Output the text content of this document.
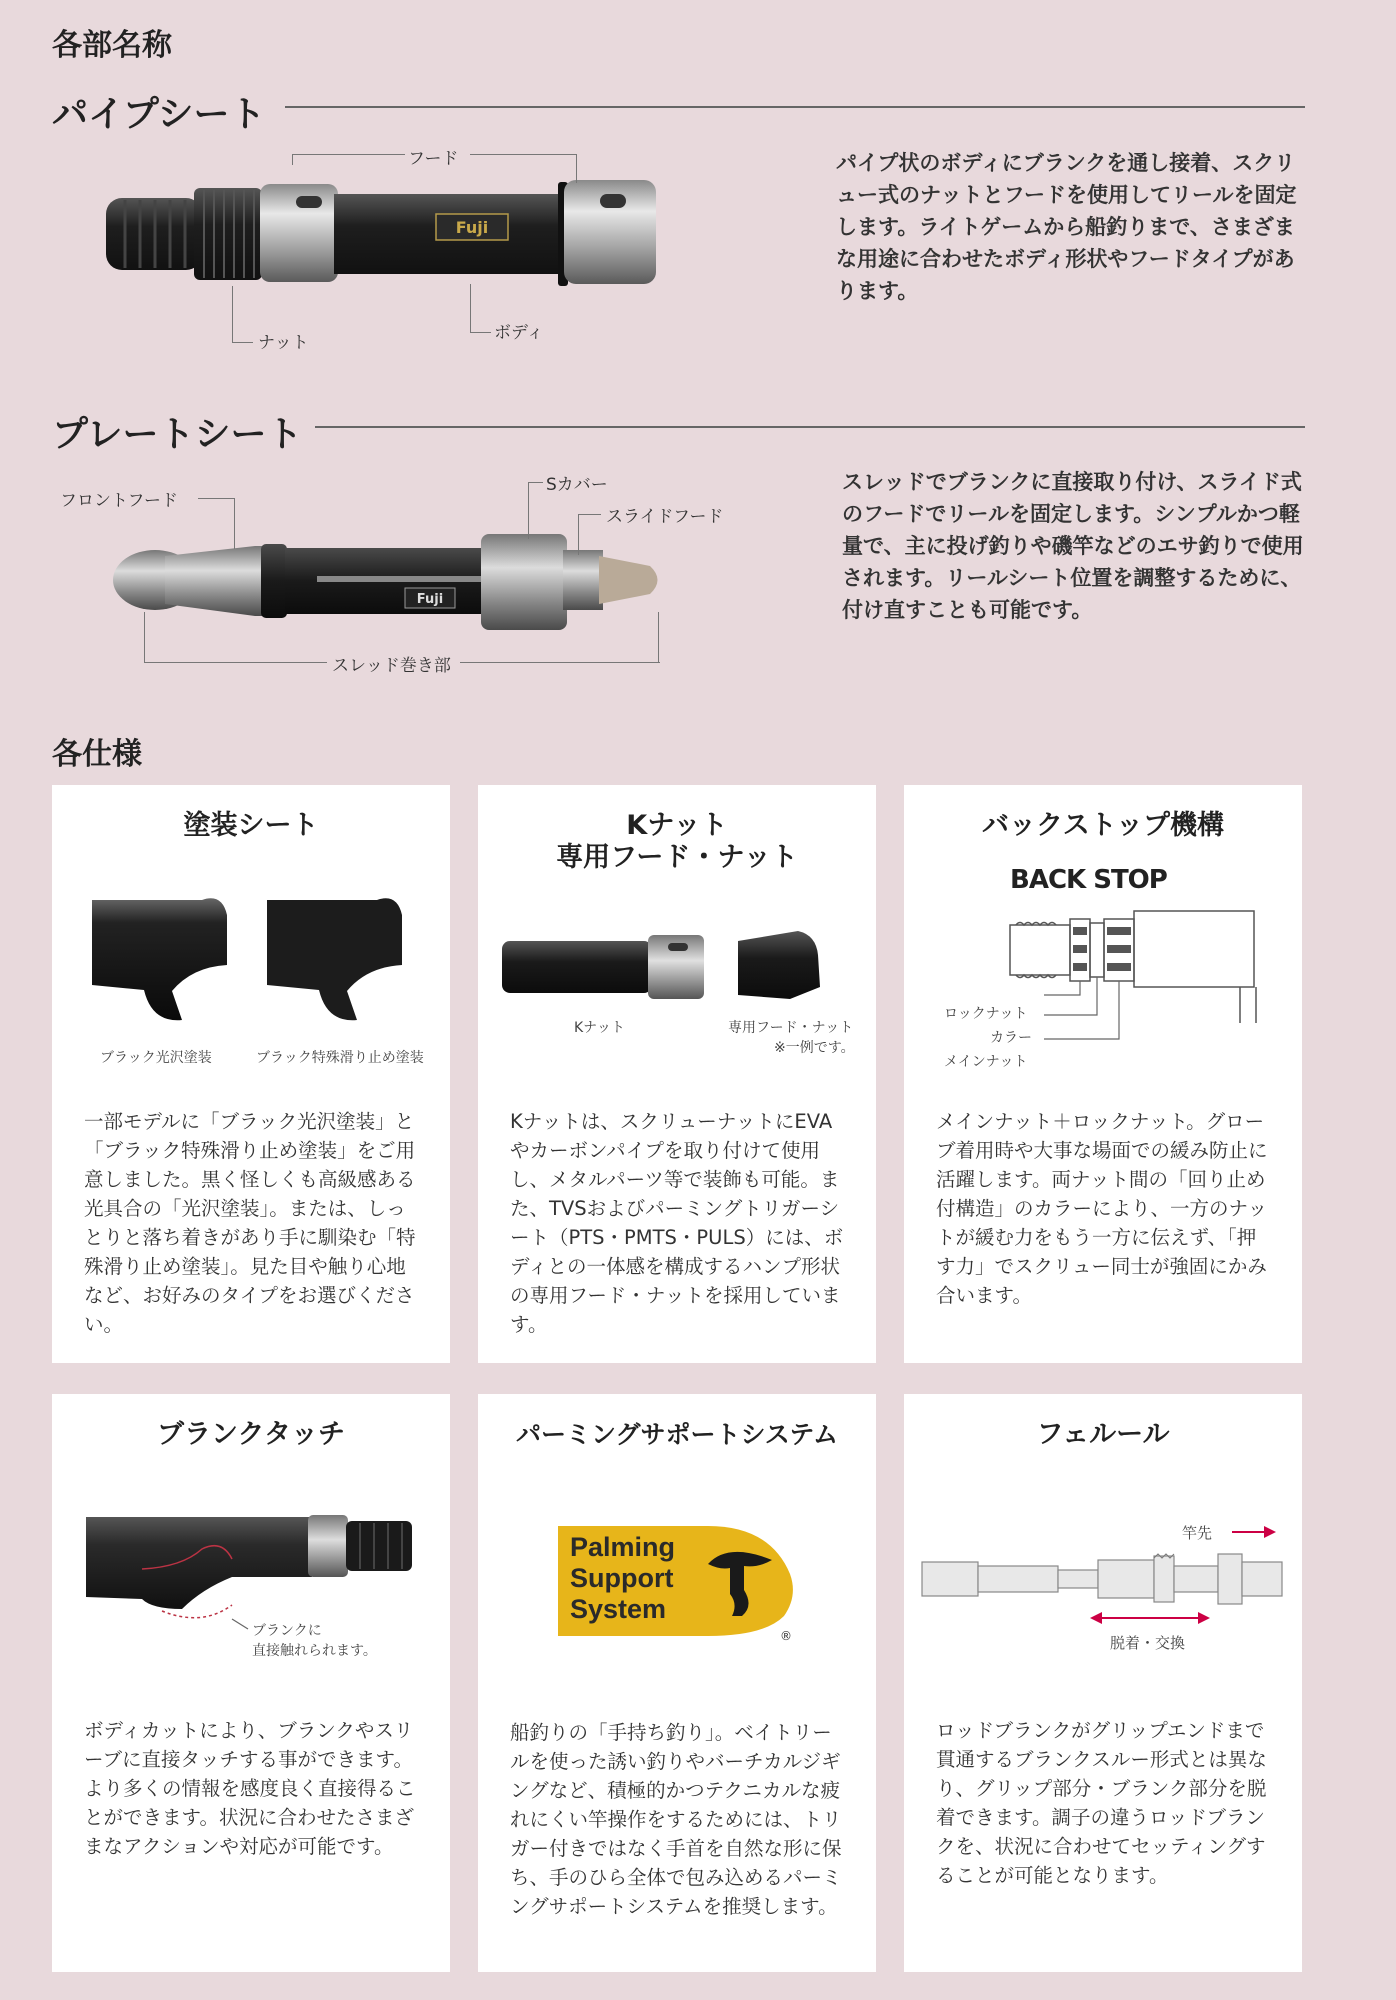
各部名称
パイプシート
Fuji
フード
ナット	ボディ
パイプ状のボディにブランクを通し接着、スクリュー式のナットとフードを使用してリールを固定します。ライトゲームから船釣りまで、さまざまな用途に合わせたボディ形状やフードタイプがあります。
プレートシート
Fuji
フロントフード
Sカバー
スライドフード
スレッド巻き部
スレッドでブランクに直接取り付け、スライド式のフードでリールを固定します。シンプルかつ軽量で、主に投げ釣りや磯竿などのエサ釣りで使用されます。リールシート位置を調整するために、付け直すことも可能です。
各仕様
塗装シート
ブラック光沢塗装	ブラック特殊滑り止め塗装
一部モデルに「ブラック光沢塗装」と「ブラック特殊滑り止め塗装」をご用意しました。黒く怪しくも高級感ある光具合の「光沢塗装」。または、しっとりと落ち着きがあり手に馴染む「特殊滑り止め塗装」。見た目や触り心地など、お好みのタイプをお選びください。
Kナット
専用フード・ナット
Kナット	専用フード・ナット
※一例です。
Kナットは、スクリューナットにEVAやカーボンパイプを取り付けて使用し、メタルパーツ等で装飾も可能。また、TVSおよびパーミングトリガーシート（PTS・PMTS・PULS）には、ボディとの一体感を構成するハンプ形状の専用フード・ナットを採用しています。
バックストップ機構
BACK STOP
ロックナット
カラー
メインナット
メインナット＋ロックナット。グローブ着用時や大事な場面での緩み防止に活躍します。両ナット間の「回り止め付構造」のカラーにより、一方のナットが緩む力をもう一方に伝えず、「押す力」でスクリュー同士が強固にかみ合います。
ブランクタッチ
ブランクに
直接触れられます。
ボディカットにより、ブランクやスリーブに直接タッチする事ができます。より多くの情報を感度良く直接得ることができます。状況に合わせたさまざまなアクションや対応が可能です。
パーミングサポートシステム
Palming
Support
System
®
船釣りの「手持ち釣り」。ベイトリールを使った誘い釣りやバーチカルジギングなど、積極的かつテクニカルな疲れにくい竿操作をするためには、トリガー付きではなく手首を自然な形に保ち、手のひら全体で包み込めるパーミングサポートシステムを推奨します。
フェルール
竿先
脱着・交換
ロッドブランクがグリップエンドまで貫通するブランクスルー形式とは異なり、グリップ部分・ブランク部分を脱着できます。調子の違うロッドブランクを、状況に合わせてセッティングすることが可能となります。
